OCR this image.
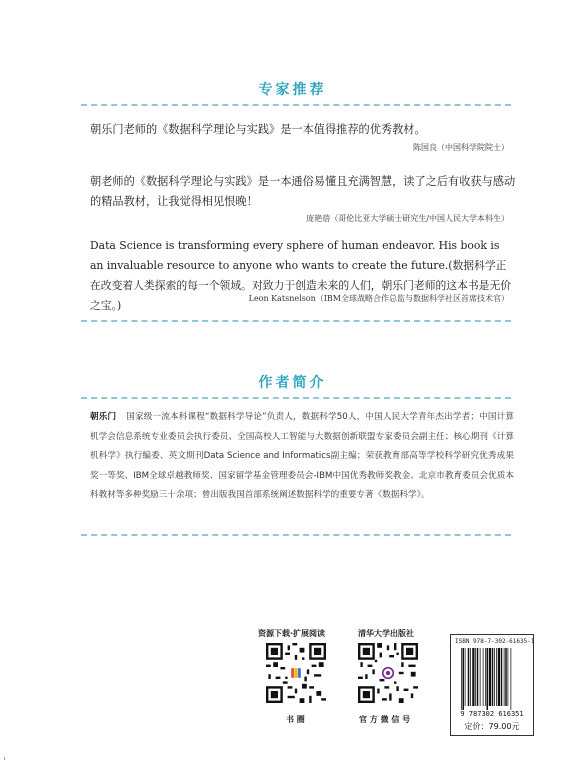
专家推荐
朝乐门老师的《数据科学理论与实践》是一本值得推荐的优秀教材。
陈国良（中国科学院院士）
朝老师的《数据科学理论与实践》是一本通俗易懂且充满智慧，读了之后有收获与感动的精品教材，让我觉得相见恨晚！
庞艳蓓（哥伦比亚大学硕士研究生/中国人民大学本科生）
Data Science is transforming every sphere of human endeavor. His book is an invaluable resource to anyone who wants to create the future.(数据科学正在改变着人类探索的每一个领域。对致力于创造未来的人们，朝乐门老师的这本书是无价之宝。)
Leon Katsnelson（IBM全球战略合作总监与数据科学社区首席技术官）
作者简介
朝乐门 国家级一流本科课程“数据科学导论”负责人，数据科学50人，中国人民大学青年杰出学者；中国计算机学会信息系统专业委员会执行委员、全国高校人工智能与大数据创新联盟专家委员会副主任；核心期刊《计算机科学》执行编委、英文期刊Data Science and Informatics副主编；荣获教育部高等学校科学研究优秀成果奖一等奖、IBM全球卓越教师奖、国家留学基金管理委员会-IBM中国优秀教师奖教金、北京市教育委员会优质本科教材等多种奖励三十余项；曾出版我国首部系统阐述数据科学的重要专著《数据科学》。
资源下载·扩展阅读
书 圈
清华大学出版社
官 方 微 信 号
ISBN 978-7-302-61635-1
9 787302 616351
定价：79.00元
